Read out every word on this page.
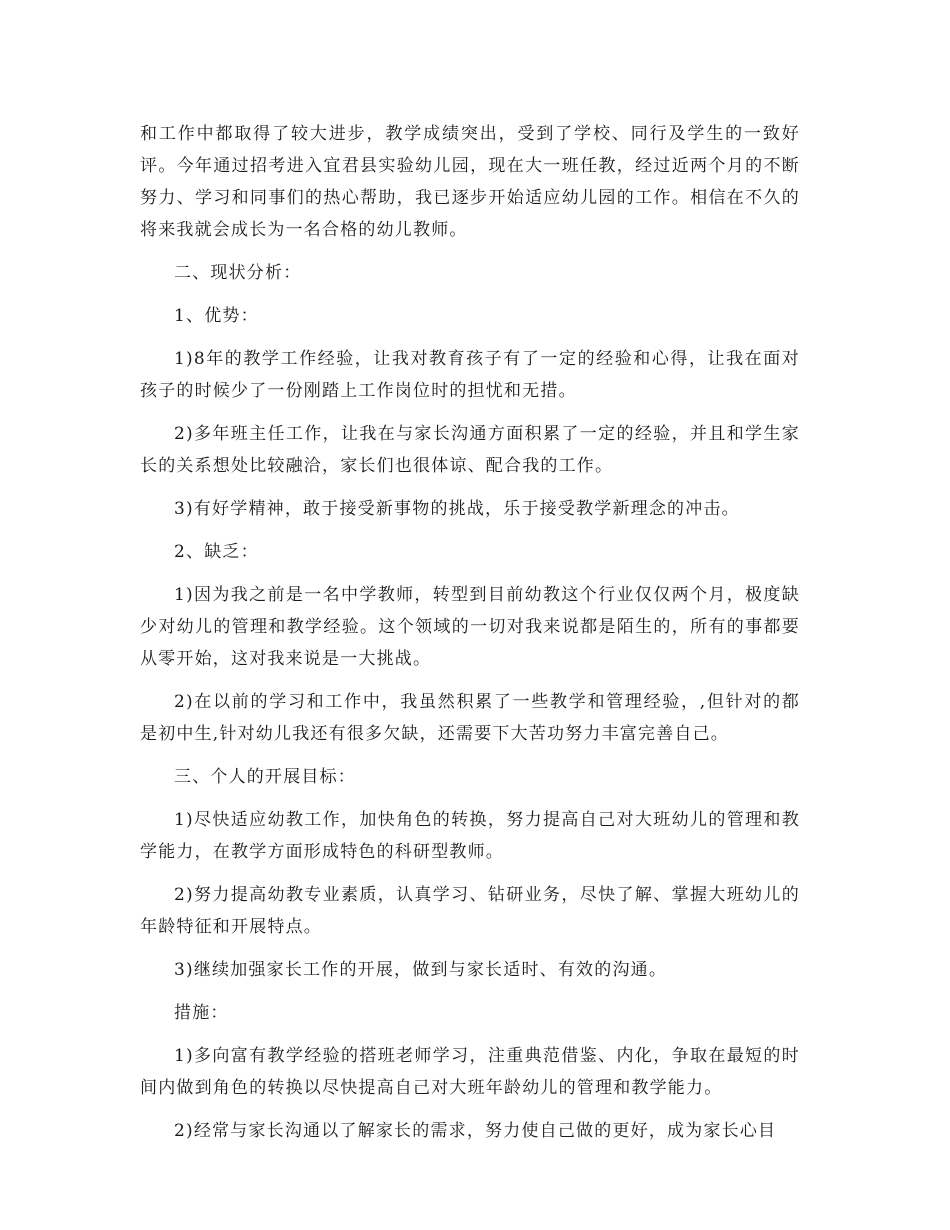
和工作中都取得了较大进步，教学成绩突出，受到了学校、同行及学生的一致好评。今年通过招考进入宜君县实验幼儿园，现在大一班任教，经过近两个月的不断努力、学习和同事们的热心帮助，我已逐步开始适应幼儿园的工作。相信在不久的将来我就会成长为一名合格的幼儿教师。

二、现状分析：

1、优势：

1)8年的教学工作经验，让我对教育孩子有了一定的经验和心得，让我在面对孩子的时候少了一份刚踏上工作岗位时的担忧和无措。

2)多年班主任工作，让我在与家长沟通方面积累了一定的经验，并且和学生家长的关系想处比较融洽，家长们也很体谅、配合我的工作。

3)有好学精神，敢于接受新事物的挑战，乐于接受教学新理念的冲击。

2、缺乏：

1)因为我之前是一名中学教师，转型到目前幼教这个行业仅仅两个月，极度缺少对幼儿的管理和教学经验。这个领域的一切对我来说都是陌生的，所有的事都要从零开始，这对我来说是一大挑战。

2)在以前的学习和工作中，我虽然积累了一些教学和管理经验，,但针对的都是初中生,针对幼儿我还有很多欠缺，还需要下大苦功努力丰富完善自己。

三、个人的开展目标：

1)尽快适应幼教工作，加快角色的转换，努力提高自己对大班幼儿的管理和教学能力，在教学方面形成特色的科研型教师。

2)努力提高幼教专业素质，认真学习、钻研业务，尽快了解、掌握大班幼儿的年龄特征和开展特点。

3)继续加强家长工作的开展，做到与家长适时、有效的沟通。

措施：

1)多向富有教学经验的搭班老师学习，注重典范借鉴、内化，争取在最短的时间内做到角色的转换以尽快提高自己对大班年龄幼儿的管理和教学能力。

2)经常与家长沟通以了解家长的需求，努力使自己做的更好，成为家长心目
